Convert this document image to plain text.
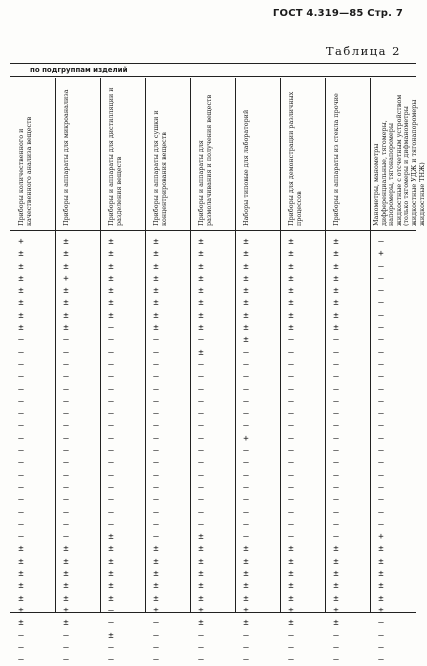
ГОСТ 4.319—85 Стр. 7
Таблица 2
по подгруппам изделий
Приборы количественного и качественного анализа веществ
+
±
±
±
±
±
±
±
—
—
—
—
—
—
—
—
—
—
—
—
—
—
—
—
—
±
±
±
±
±
±
±
—
—
—
Приборы и аппараты для микроанализа
±
±
±
+
±
±
±
±
—
—
—
—
—
—
—
—
—
—
—
—
—
—
—
—
—
±
±
±
±
±
±
±
—
—
—
Приборы и аппараты для дистилляции и разделения веществ
±
±
±
±
±
±
±
—
—
—
—
—
—
—
—
—
—
—
—
—
—
—
—
—
±
±
±
±
±
±
—
—
±
—
—
Приборы и аппараты для сушки и концентрирования веществ
±
±
±
±
±
±
±
±
—
—
—
—
—
—
—
—
—
—
—
—
—
—
—
—
—
±
±
±
±
±
±
—
—
—
—
Приборы и аппараты для размолачивания и получения веществ
±
±
±
±
±
±
±
±
—
±
—
—
—
—
—
—
—
—
—
—
—
—
—
—
±
±
±
±
±
±
±
±
—
—
—
Наборы типовые для лабораторий
±
±
±
±
±
±
±
±
±
—
—
—
—
—
—
—
+
—
—
—
—
—
—
—
—
±
±
±
±
±
±
±
—
—
—
Приборы для демонстрации различных процессов
±
±
±
±
±
±
±
±
—
—
—
—
—
—
—
—
—
—
—
—
—
—
—
—
—
±
±
±
±
±
±
±
—
—
—
Приборы и аппараты из стекла прочие
±
±
±
±
±
±
±
±
—
—
—
—
—
—
—
—
—
—
—
—
—
—
—
—
—
±
±
±
±
±
±
±
—
—
—
Манометры, манометры дифференциальные, тягомеры, напоромеры, тягонапоромеры жидкостные с отсчетным устройством (только тягомеры и дифманометры жидкостные УДЖ и тягонапоромеры жидкостные ТНЖ)
—
+
—
—
—
—
—
—
—
—
—
—
—
—
—
—
—
—
—
—
—
—
—
—
+
±
±
±
±
±
±
—
—
—
—
